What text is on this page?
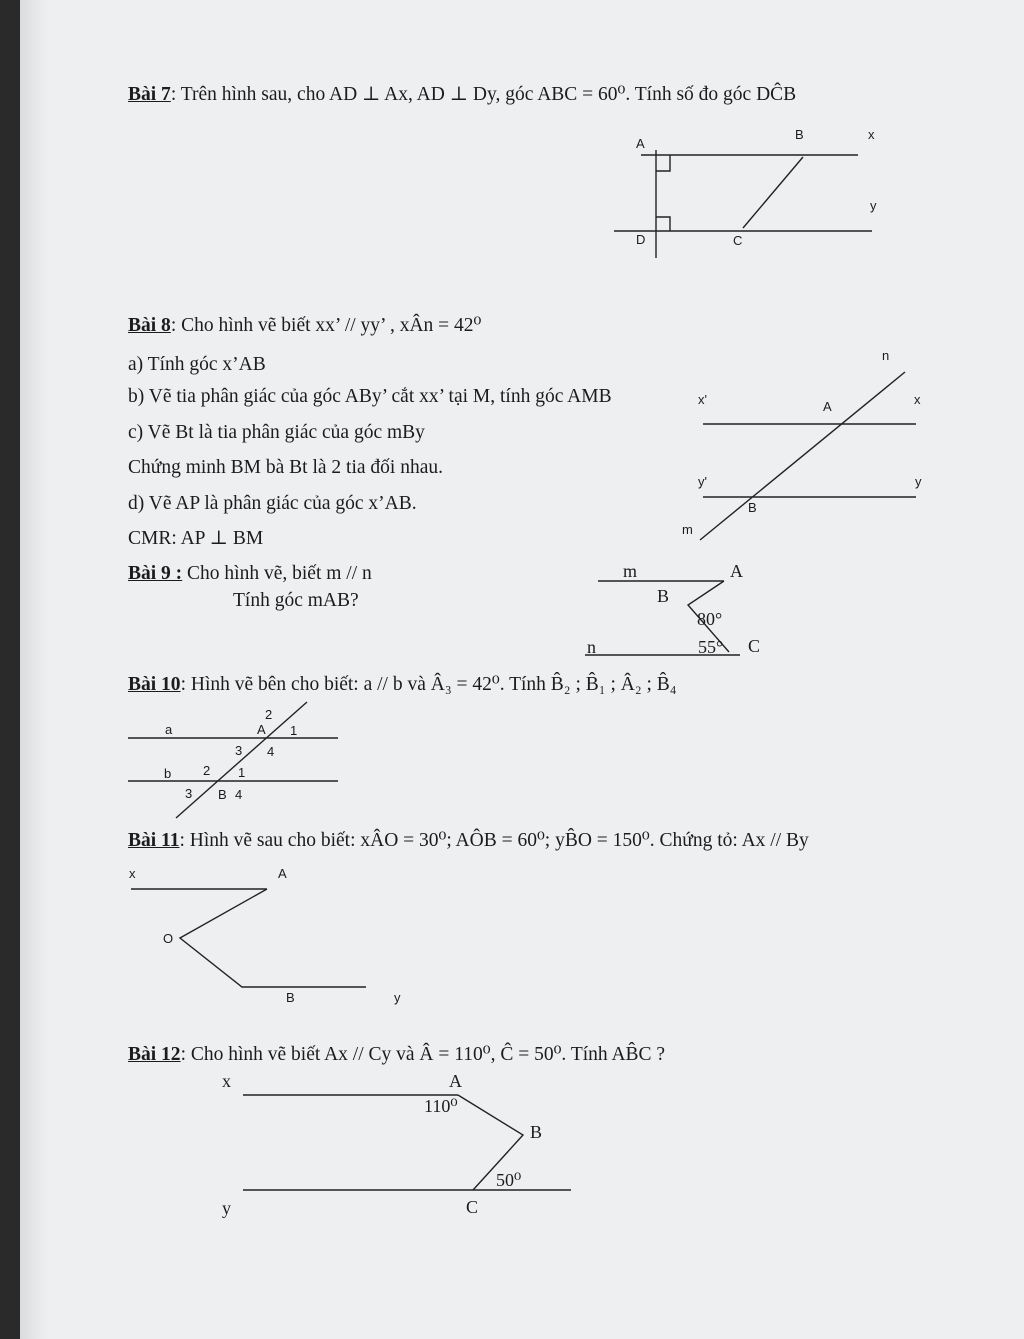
Bài 7: Trên hình sau, cho AD ⊥ Ax, AD ⊥ Dy, góc ABC = 60⁰. Tính số đo góc DĈB
A
B	x
y
D	C
Bài 8: Cho hình vẽ biết xx’ // yy’ , xÂn = 42⁰
a) Tính góc x’AB
b) Vẽ tia phân giác của góc ABy’ cắt xx’ tại M, tính góc AMB
c) Vẽ Bt là tia phân giác của góc mBy
Chứng minh BM bà Bt là 2 tia đối nhau.
d) Vẽ AP là phân giác của góc x’AB.
CMR: AP ⊥ BM
n
x'	A	x
y'	y
B
m
Bài 9 : Cho hình vẽ, biết m // n
Tính góc mAB?
m	A
B
80°
n	55° C
Bài 10: Hình vẽ bên cho biết: a // b và Â₃ = 42⁰. Tính B̂₂ ; B̂₁ ; Â₂ ; B̂₄
a
2
A 1
3 4
b 2 1
3 B 4
Bài 11: Hình vẽ sau cho biết: xÂO = 30⁰; AÔB = 60⁰; yB̂O = 150⁰. Chứng tỏ: Ax // By
x	A
O
B	y
Bài 12: Cho hình vẽ biết Ax // Cy và Â = 110⁰, Ĉ = 50⁰. Tính AB̂C ?
x	A
110⁰
B
50⁰
y	C
